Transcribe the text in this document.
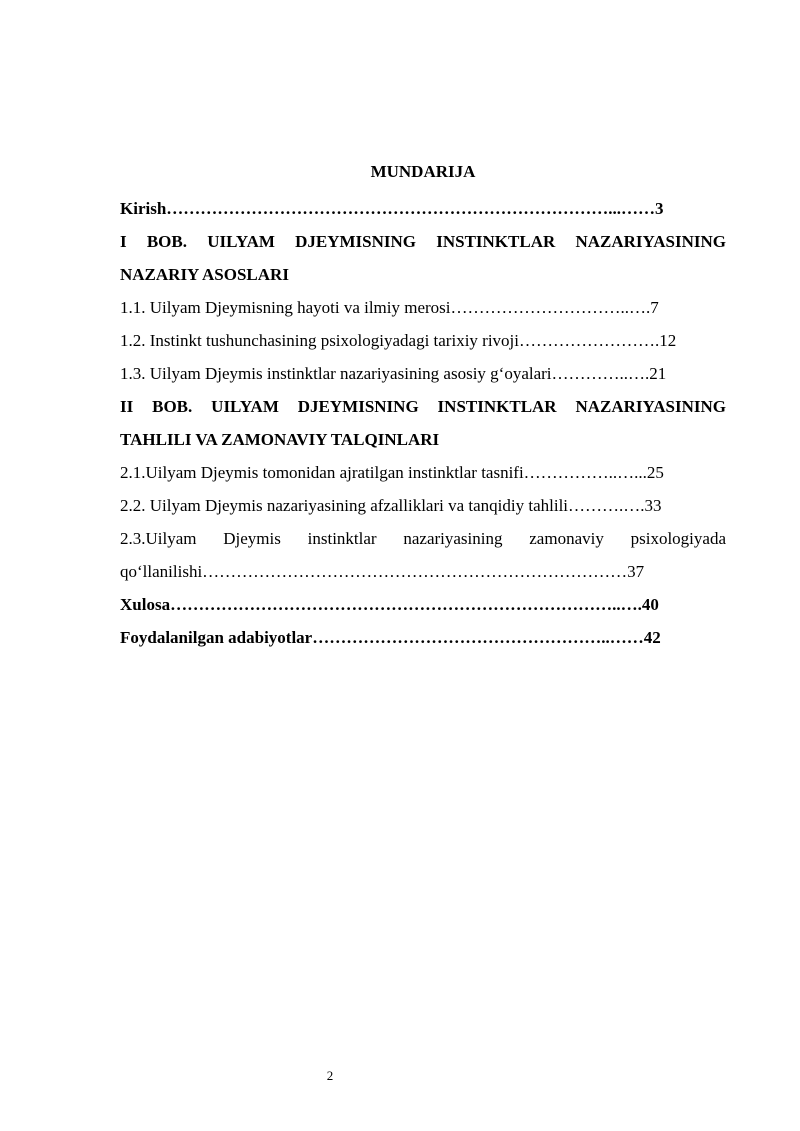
MUNDARIJA
Kirish……………………………………………………………………...……3
I BOB. UILYAM DJEYMISNING INSTINKTLAR NAZARIYASINING
NAZARIY ASOSLARI
1.1. Uilyam Djeymisning hayoti va ilmiy merosi…………………………..….7
1.2. Instinkt tushunchasining psixologiyadagi tarixiy rivoji…………………….12
1.3. Uilyam Djeymis instinktlar nazariyasining asosiy g‘oyalari…………..….21
II BOB. UILYAM DJEYMISNING INSTINKTLAR NAZARIYASINING
TAHLILI VA ZAMONAVIY TALQINLARI
2.1.Uilyam Djeymis tomonidan ajratilgan instinktlar tasnifi……………..…...25
2.2. Uilyam Djeymis nazariyasining afzalliklari va tanqidiy tahlili……….….33
2.3.Uilyam Djeymis instinktlar nazariyasining zamonaviy psixologiyada
qo‘llanilishi…………………………………………………………………37
Xulosa……………………………………………………………………..….40
Foydalanilgan adabiyotlar……………………………………………..……42
2
